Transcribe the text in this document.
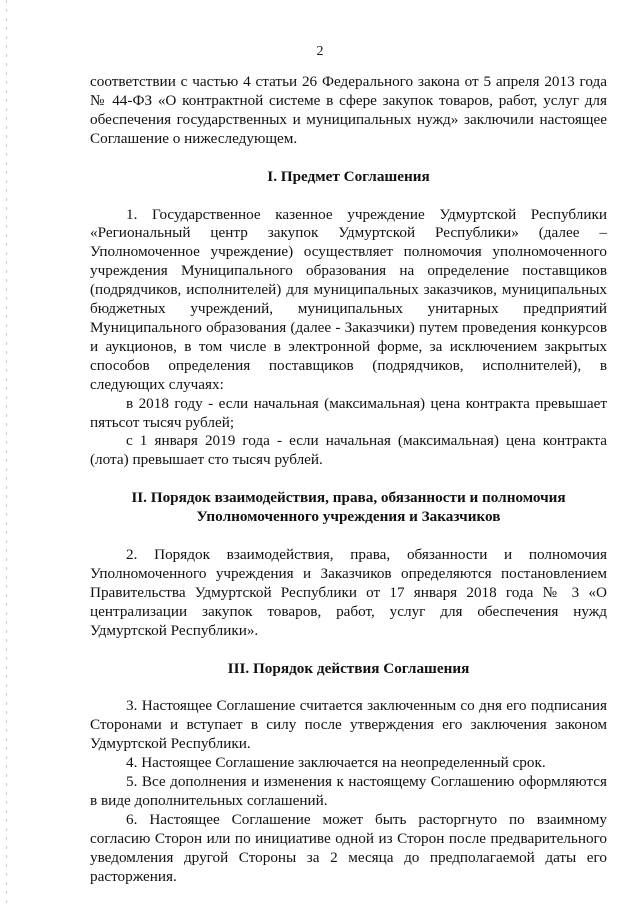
2

соответствии с частью 4 статьи 26 Федерального закона от 5 апреля 2013 года № 44-ФЗ «О контрактной системе в сфере закупок товаров, работ, услуг для обеспечения государственных и муниципальных нужд» заключили настоящее Соглашение о нижеследующем.

I. Предмет Соглашения

1. Государственное казенное учреждение Удмуртской Республики «Региональный центр закупок Удмуртской Республики» (далее – Уполномоченное учреждение) осуществляет полномочия уполномоченного учреждения Муниципального образования на определение поставщиков (подрядчиков, исполнителей) для муниципальных заказчиков, муниципальных бюджетных учреждений, муниципальных унитарных предприятий Муниципального образования (далее - Заказчики) путем проведения конкурсов и аукционов, в том числе в электронной форме, за исключением закрытых способов определения поставщиков (подрядчиков, исполнителей), в следующих случаях:

в 2018 году - если начальная (максимальная) цена контракта превышает пятьсот тысяч рублей;

с 1 января 2019 года - если начальная (максимальная) цена контракта (лота) превышает сто тысяч рублей.

II. Порядок взаимодействия, права, обязанности и полномочия
Уполномоченного учреждения и Заказчиков

2. Порядок взаимодействия, права, обязанности и полномочия Уполномоченного учреждения и Заказчиков определяются постановлением Правительства Удмуртской Республики от 17 января 2018 года № 3 «О централизации закупок товаров, работ, услуг для обеспечения нужд Удмуртской Республики».

III. Порядок действия Соглашения

3. Настоящее Соглашение считается заключенным со дня его подписания Сторонами и вступает в силу после утверждения его заключения законом Удмуртской Республики.

4. Настоящее Соглашение заключается на неопределенный срок.

5. Все дополнения и изменения к настоящему Соглашению оформляются в виде дополнительных соглашений.

6. Настоящее Соглашение может быть расторгнуто по взаимному согласию Сторон или по инициативе одной из Сторон после предварительного уведомления другой Стороны за 2 месяца до предполагаемой даты его расторжения.
